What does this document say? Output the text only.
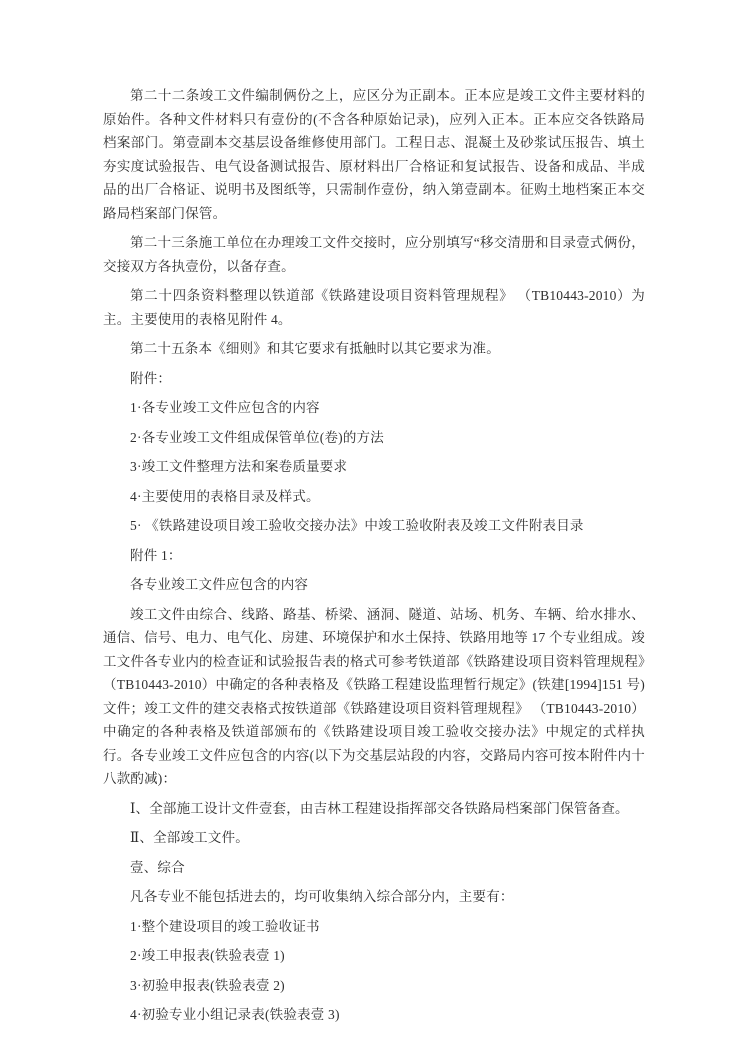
第二十二条竣工文件编制俩份之上，应区分为正副本。正本应是竣工文件主要材料的原始件。各种文件材料只有壹份的(不含各种原始记录)，应列入正本。正本应交各铁路局档案部门。第壹副本交基层设备维修使用部门。工程日志、混凝土及砂浆试压报告、填土夯实度试验报告、电气设备测试报告、原材料出厂合格证和复试报告、设备和成品、半成品的出厂合格证、说明书及图纸等，只需制作壹份，纳入第壹副本。征购土地档案正本交路局档案部门保管。

第二十三条施工单位在办理竣工文件交接时，应分别填写“移交清册和目录壹式俩份，交接双方各执壹份，以备存查。

第二十四条资料整理以铁道部《铁路建设项目资料管理规程》 （TB10443-2010）为主。主要使用的表格见附件 4。

第二十五条本《细则》和其它要求有抵触时以其它要求为准。

附件：

1·各专业竣工文件应包含的内容

2·各专业竣工文件组成保管单位(卷)的方法

3·竣工文件整理方法和案卷质量要求

4·主要使用的表格目录及样式。

5· 《铁路建设项目竣工验收交接办法》中竣工验收附表及竣工文件附表目录

附件 1：

各专业竣工文件应包含的内容

竣工文件由综合、线路、路基、桥梁、涵洞、隧道、站场、机务、车辆、给水排水、通信、信号、电力、电气化、房建、环境保护和水土保持、铁路用地等 17 个专业组成。竣工文件各专业内的检查证和试验报告表的格式可参考铁道部《铁路建设项目资料管理规程》（TB10443-2010）中确定的各种表格及《铁路工程建设监理暂行规定》(铁建[1994]151 号)文件；竣工文件的建交表格式按铁道部《铁路建设项目资料管理规程》 （TB10443-2010）中确定的各种表格及铁道部颁布的《铁路建设项目竣工验收交接办法》中规定的式样执行。各专业竣工文件应包含的内容(以下为交基层站段的内容，交路局内容可按本附件内十八款酌减)：

Ⅰ、全部施工设计文件壹套，由吉林工程建设指挥部交各铁路局档案部门保管备查。

Ⅱ、全部竣工文件。

壹、综合

凡各专业不能包括进去的，均可收集纳入综合部分内，主要有：

1·整个建设项目的竣工验收证书

2·竣工申报表(铁验表壹 1)

3·初验申报表(铁验表壹 2)

4·初验专业小组记录表(铁验表壹 3)
